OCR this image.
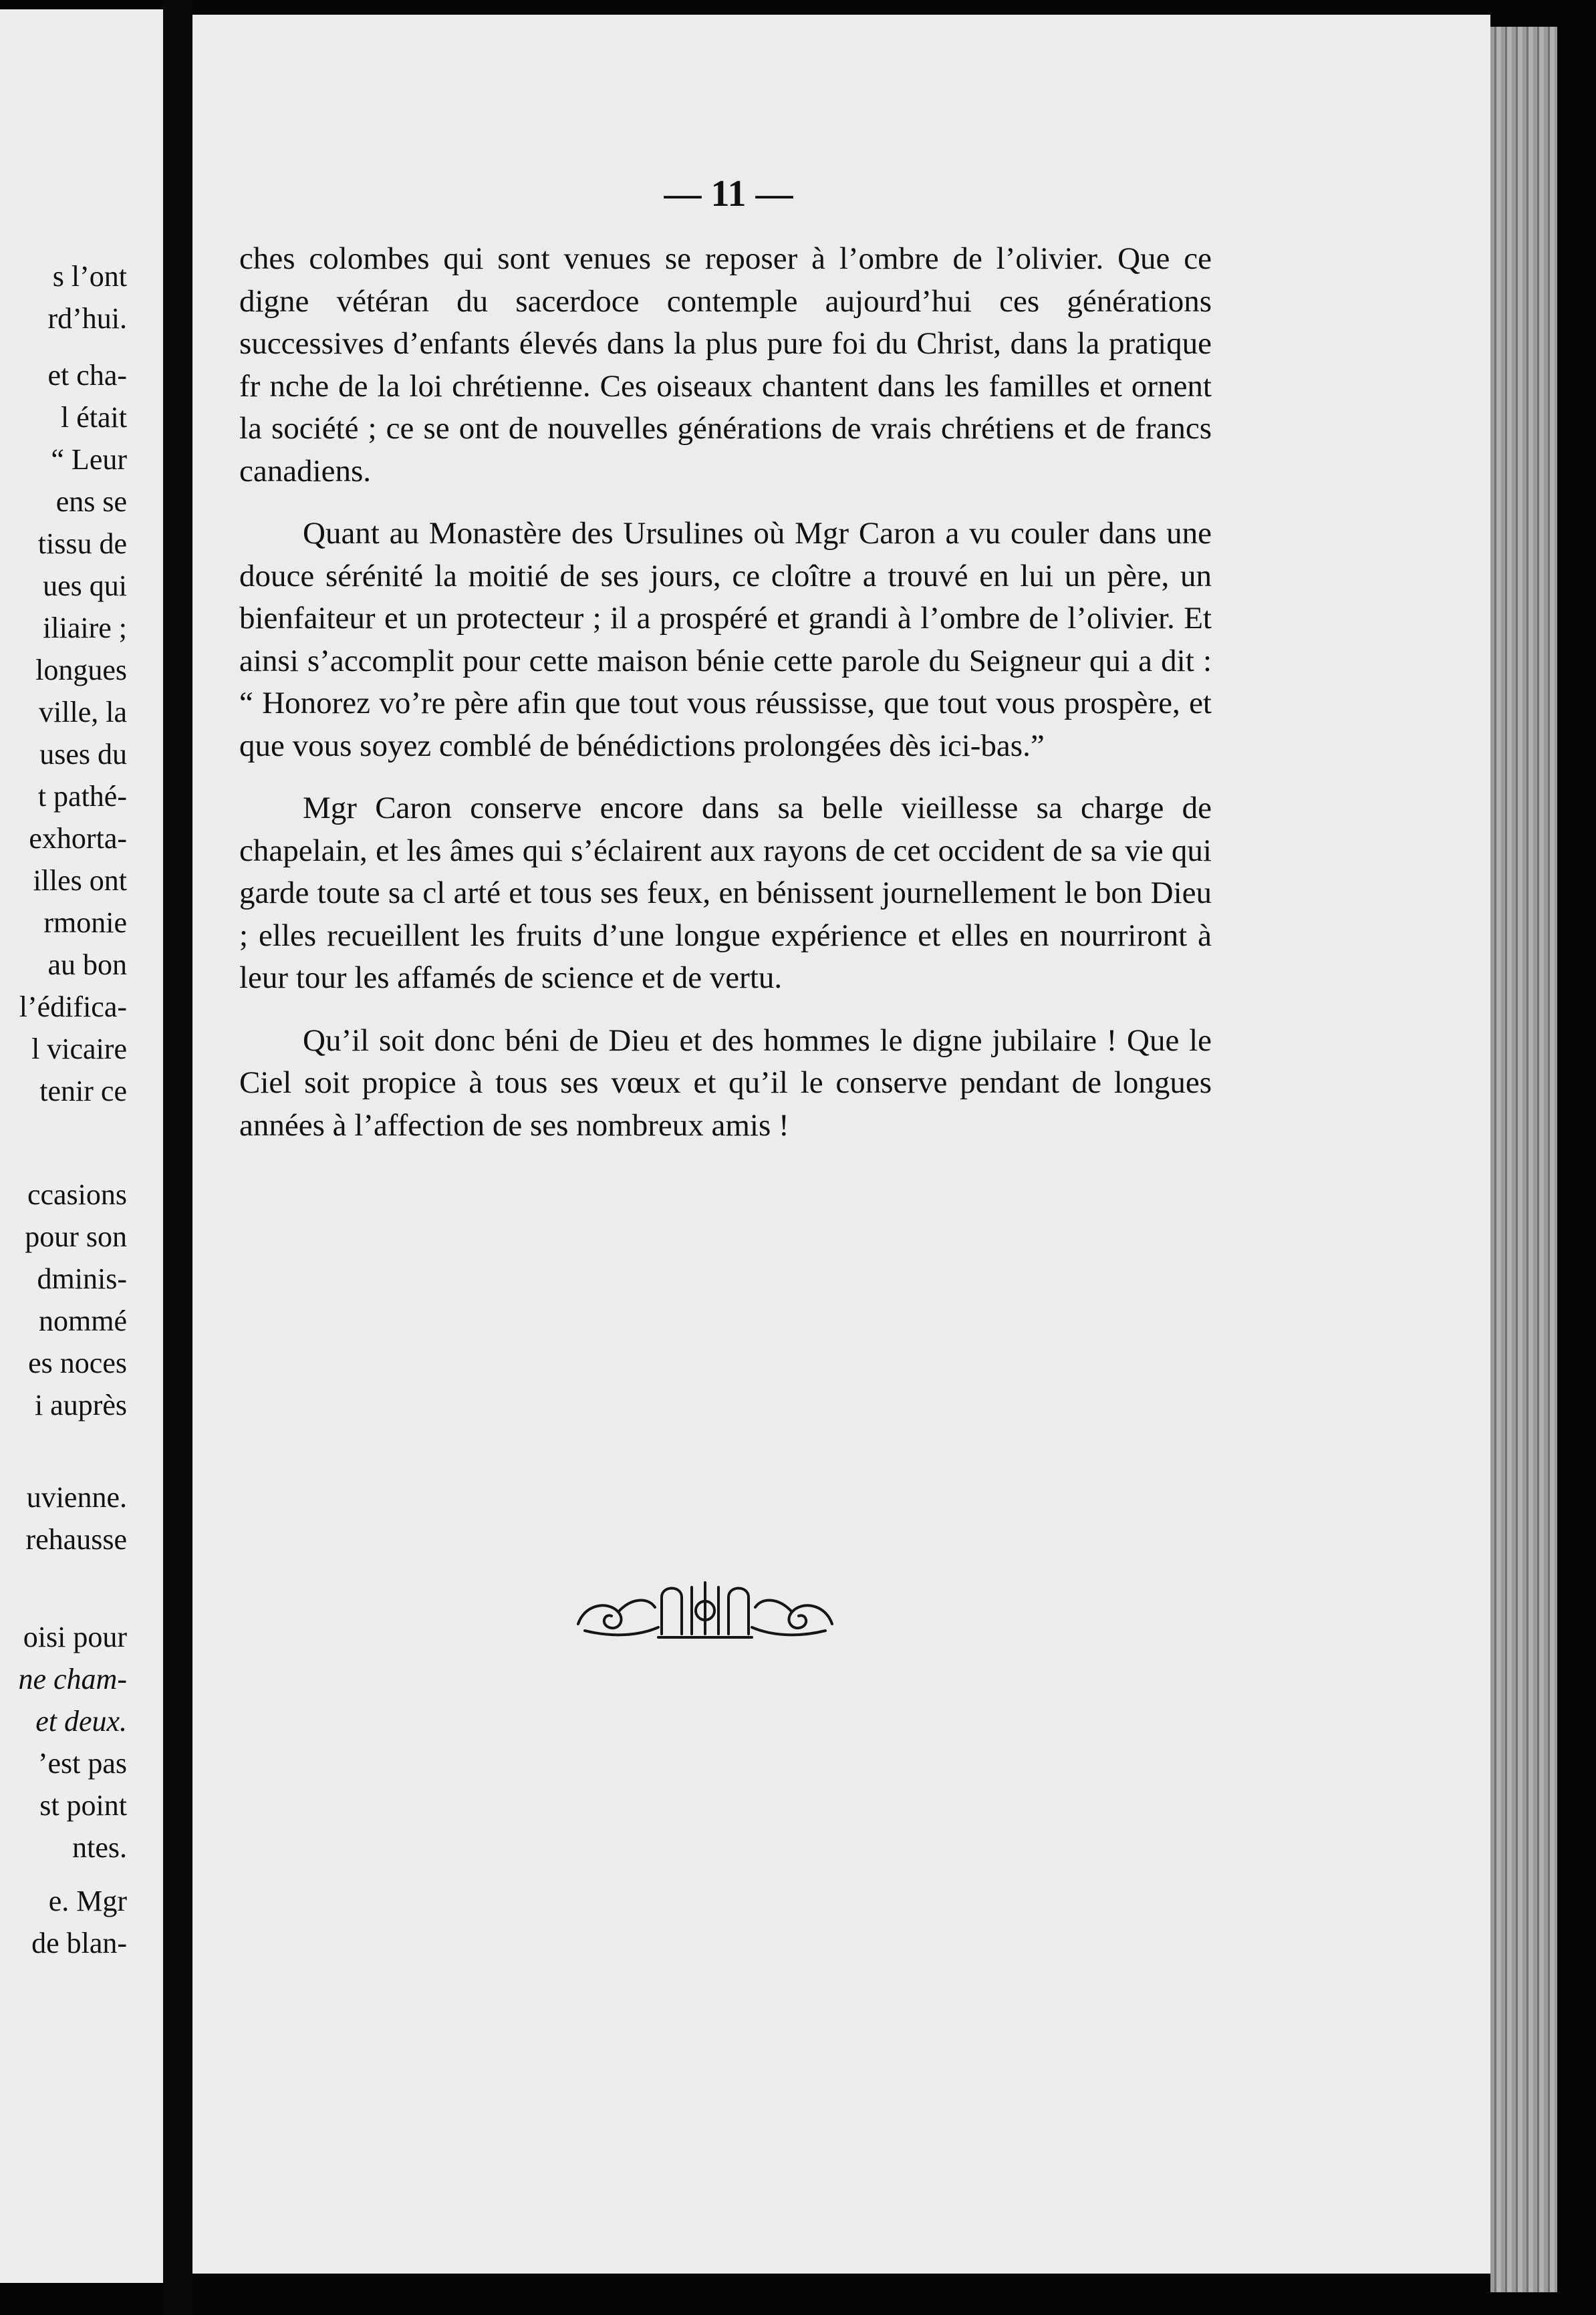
s l’ont
rd’hui.
et cha-
l était
“ Leur
ens se
tissu de
ues qui
iliaire ;
longues
ville, la
uses du
t pathé-
exhorta-
illes ont
rmonie
au bon
l’édifica-
l vicaire
tenir ce
ccasions
pour son
dminis-
nommé
es noces
i auprès
uvienne.
rehausse
oisi pour
ne cham-
et deux.
’est pas
st point
ntes.
e. Mgr
de blan-
— 11 —

ches colombes qui sont venues se reposer à l’ombre de l’olivier. Que ce digne vétéran du sacerdoce contemple aujourd’hui ces générations successives d’enfants élevés dans la plus pure foi du Christ, dans la pratique fr nche de la loi chrétienne. Ces oiseaux chantent dans les familles et ornent la société ; ce se ont de nouvelles générations de vrais chrétiens et de francs canadiens.

Quant au Monastère des Ursulines où Mgr Caron a vu couler dans une douce sérénité la moitié de ses jours, ce cloître a trouvé en lui un père, un bienfaiteur et un protecteur ; il a prospéré et grandi à l’ombre de l’olivier. Et ainsi s’accomplit pour cette maison bénie cette parole du Seigneur qui a dit : “ Honorez vo’re père afin que tout vous réussisse, que tout vous prospère, et que vous soyez comblé de bénédictions prolongées dès ici-bas.”

Mgr Caron conserve encore dans sa belle vieillesse sa charge de chapelain, et les âmes qui s’éclairent aux rayons de cet occident de sa vie qui garde toute sa cl arté et tous ses feux, en bénissent journellement le bon Dieu ; elles recueillent les fruits d’une longue expérience et elles en nourriront à leur tour les affamés de science et de vertu.

Qu’il soit donc béni de Dieu et des hommes le digne jubilaire ! Que le Ciel soit propice à tous ses vœux et qu’il le conserve pendant de longues années à l’affection de ses nombreux amis !
